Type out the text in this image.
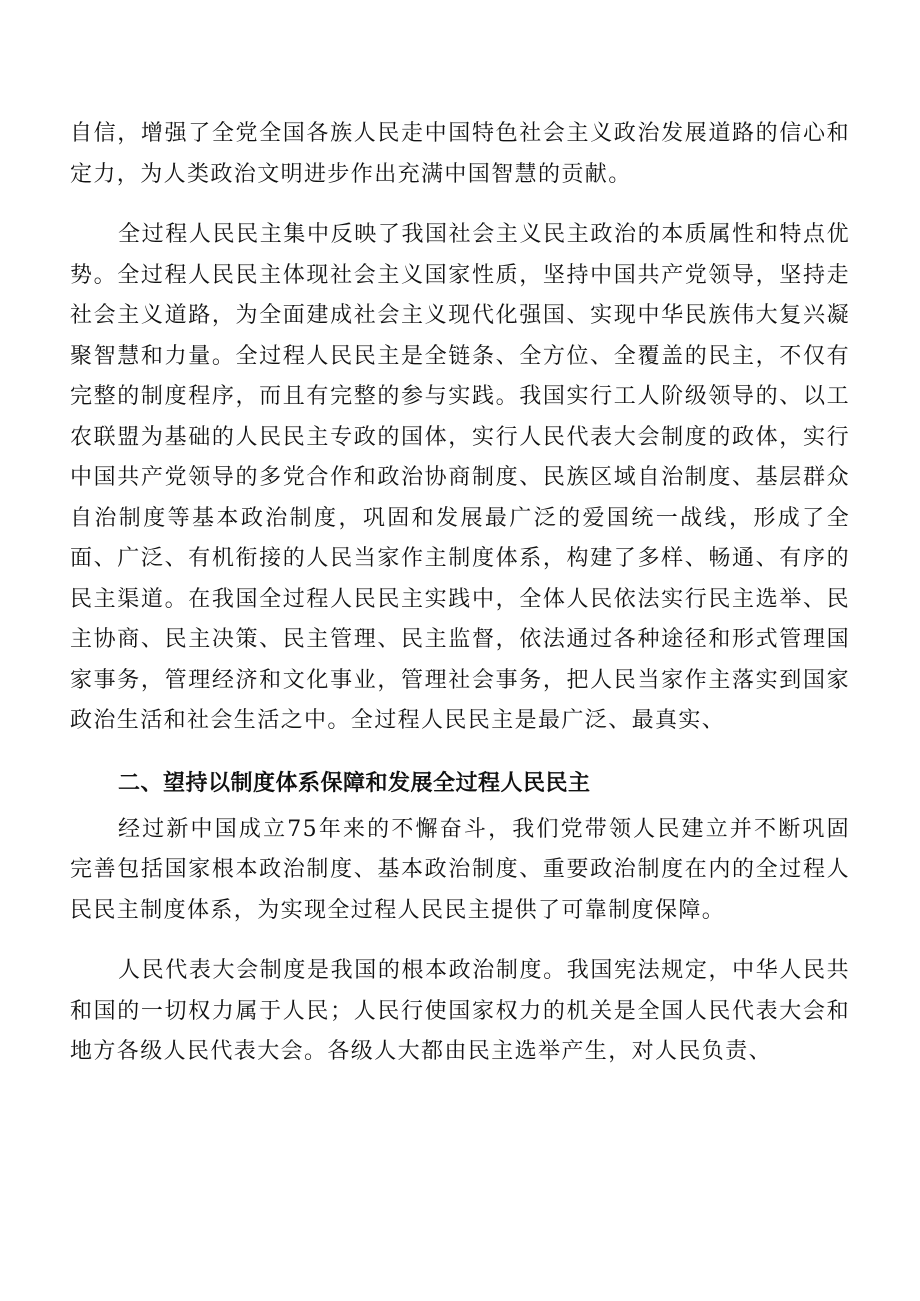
自信，增强了全党全国各族人民走中国特色社会主义政治发展道路的信心和定力，为人类政治文明进步作出充满中国智慧的贡献。

全过程人民民主集中反映了我国社会主义民主政治的本质属性和特点优势。全过程人民民主体现社会主义国家性质，坚持中国共产党领导，坚持走社会主义道路，为全面建成社会主义现代化强国、实现中华民族伟大复兴凝聚智慧和力量。全过程人民民主是全链条、全方位、全覆盖的民主，不仅有完整的制度程序，而且有完整的参与实践。我国实行工人阶级领导的、以工农联盟为基础的人民民主专政的国体，实行人民代表大会制度的政体，实行中国共产党领导的多党合作和政治协商制度、民族区域自治制度、基层群众自治制度等基本政治制度，巩固和发展最广泛的爱国统一战线，形成了全面、广泛、有机衔接的人民当家作主制度体系，构建了多样、畅通、有序的民主渠道。在我国全过程人民民主实践中，全体人民依法实行民主选举、民主协商、民主决策、民主管理、民主监督，依法通过各种途径和形式管理国家事务，管理经济和文化事业，管理社会事务，把人民当家作主落实到国家政治生活和社会生活之中。全过程人民民主是最广泛、最真实、

二、望持以制度体系保障和发展全过程人民民主

经过新中国成立75年来的不懈奋斗，我们党带领人民建立并不断巩固完善包括国家根本政治制度、基本政治制度、重要政治制度在内的全过程人民民主制度体系，为实现全过程人民民主提供了可靠制度保障。

人民代表大会制度是我国的根本政治制度。我国宪法规定，中华人民共和国的一切权力属于人民；人民行使国家权力的机关是全国人民代表大会和地方各级人民代表大会。各级人大都由民主选举产生，对人民负责、
